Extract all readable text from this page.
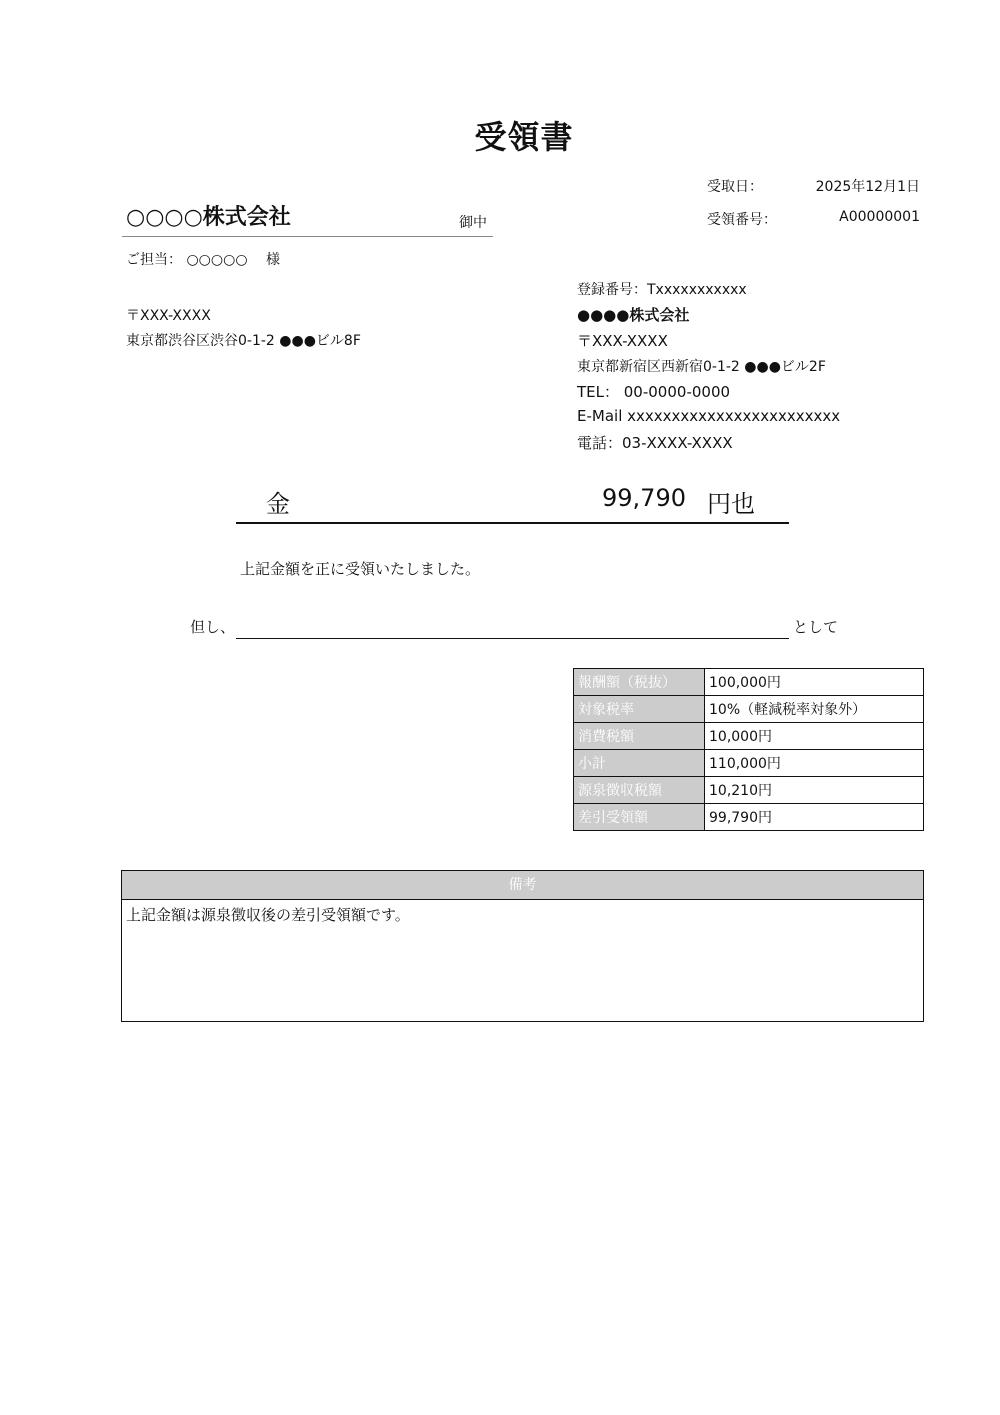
受領書
受取日：	2025年12月1日
受領番号：	A00000001
○○○○株式会社	御中
ご担当： ○○○○○　 様
〒XXX-XXXX
東京都渋谷区渋谷0-1-2 ●●●ビル8F
登録番号：Txxxxxxxxxxx
●●●●株式会社
〒XXX-XXXX
東京都新宿区西新宿0-1-2 ●●●ビル2F
TEL： 00-0000-0000
E-Mail xxxxxxxxxxxxxxxxxxxxxxxx
電話：03-XXXX-XXXX
金	99,790 円也
上記金額を正に受領いたしました。
但し、	として
報酬額（税抜）	100,000円
対象税率	10%（軽減税率対象外）
消費税額	10,000円
小計	110,000円
源泉徴収税額	10,210円
差引受領額	99,790円
備考
上記金額は源泉徴収後の差引受領額です。
